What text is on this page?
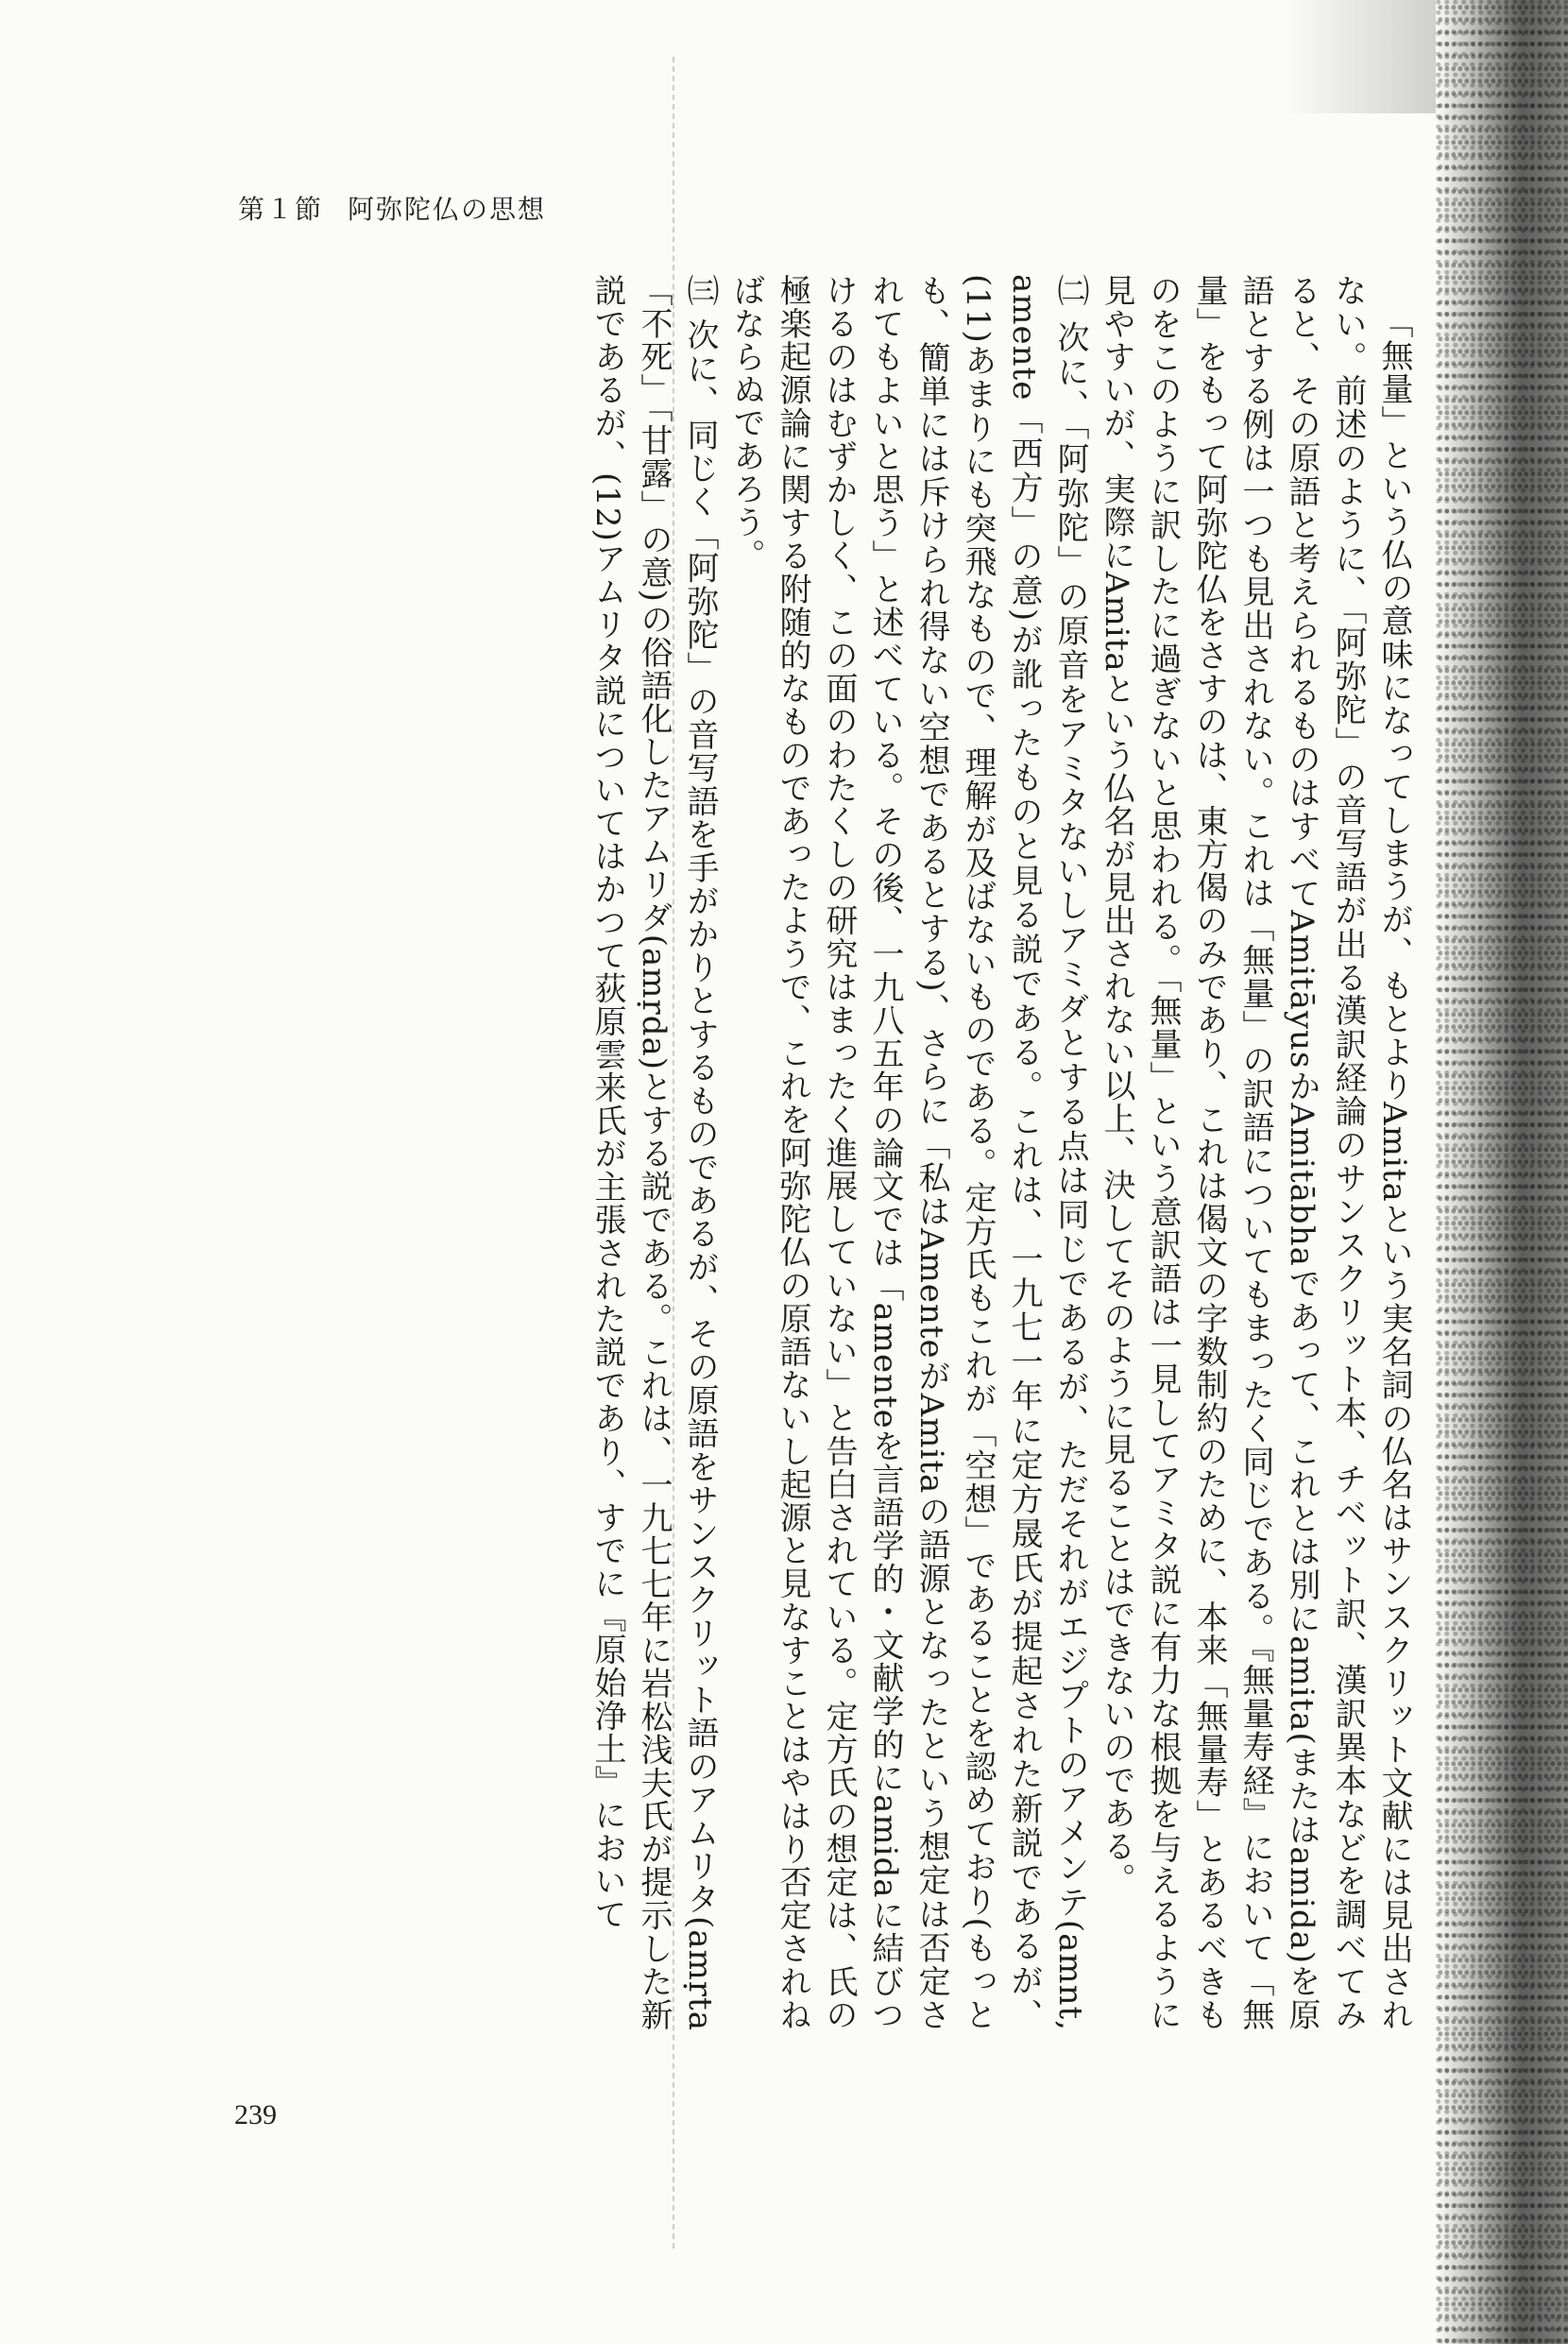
第１節 阿弥陀仏の思想

「無量」という仏の意味になってしまうが、もとよりAmitaという実名詞の仏名はサンスクリット文献には見出されない。前述のように、「阿弥陀」の音写語が出る漢訳経論のサンスクリット本、チベット訳、漢訳異本などを調べてみると、その原語と考えられるものはすべてAmitāyusかAmitābhaであって、これとは別にamita(またはamida)を原語とする例は一つも見出されない。これは「無量」の訳語についてもまったく同じである。『無量寿経』において「無量」をもって阿弥陀仏をさすのは、東方偈のみであり、これは偈文の字数制約のために、本来「無量寿」とあるべきものをこのように訳したに過ぎないと思われる。「無量」という意訳語は一見してアミタ説に有力な根拠を与えるように見やすいが、実際にAmitaという仏名が見出されない以上、決してそのように見ることはできないのである。

㈡ 次に、「阿弥陀」の原音をアミタないしアミダとする点は同じであるが、ただそれがエジプトのアメンテ(amnt, amente「西方」の意)が訛ったものと見る説である。これは、一九七一年に定方晟氏が提起された新説であるが、(11)あまりにも突飛なもので、理解が及ばないものである。定方氏もこれが「空想」であることを認めており(もっとも、簡単には斥けられ得ない空想であるとする)、さらに「私はAmenteがAmitaの語源となったという想定は否定されてもよいと思う」と述べている。その後、一九八五年の論文では「amenteを言語学的・文献学的にamidaに結びつけるのはむずかしく、この面のわたくしの研究はまったく進展していない」と告白されている。定方氏の想定は、氏の極楽起源論に関する附随的なものであったようで、これを阿弥陀仏の原語ないし起源と見なすことはやはり否定されねばならぬであろう。

㈢ 次に、同じく「阿弥陀」の音写語を手がかりとするものであるが、その原語をサンスクリット語のアムリタ(amṛta「不死」「甘露」の意)の俗語化したアムリダ(amṛda)とする説である。これは、一九七七年に岩松浅夫氏が提示した新説であるが、(12)アムリタ説についてはかつて荻原雲来氏が主張された説であり、すでに『原始浄土』において

239
